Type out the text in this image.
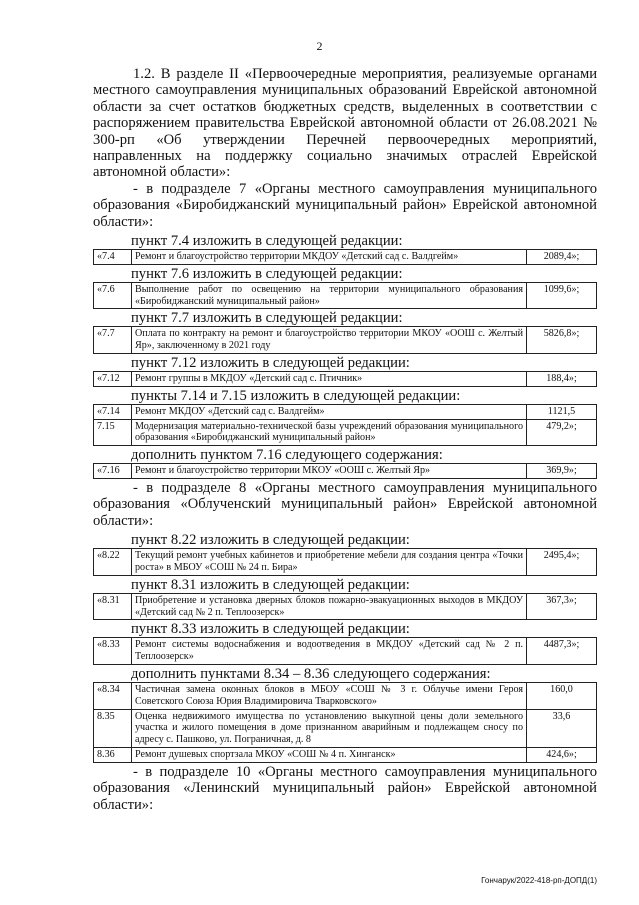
2

1.2. В разделе II «Первоочередные мероприятия, реализуемые органами местного самоуправления муниципальных образований Еврейской автономной области за счет остатков бюджетных средств, выделенных в соответствии с распоряжением правительства Еврейской автономной области от 26.08.2021 № 300-рп «Об утверждении Перечней первоочередных мероприятий, направленных на поддержку социально значимых отраслей Еврейской автономной области»:

- в подразделе 7 «Органы местного самоуправления муниципального образования «Биробиджанский муниципальный район» Еврейской автономной области»:

пункт 7.4 изложить в следующей редакции:

«7.4	Ремонт и благоустройство территории МКДОУ «Детский сад с. Валдгейм»	2089,4»;

пункт 7.6 изложить в следующей редакции:

«7.6	Выполнение работ по освещению на территории муниципального образования «Биробиджанский муниципальный район»	1099,6»;

пункт 7.7 изложить в следующей редакции:

«7.7	Оплата по контракту на ремонт и благоустройство территории МКОУ «ООШ с. Желтый Яр», заключенному в 2021 году	5826,8»;

пункт 7.12 изложить в следующей редакции:

«7.12	Ремонт группы в МКДОУ «Детский сад с. Птичник»	188,4»;

пункты 7.14 и 7.15 изложить в следующей редакции:

«7.14	Ремонт МКДОУ «Детский сад с. Валдгейм»	1121,5
7.15	Модернизация материально-технической базы учреждений образования муниципального образования «Биробиджанский муниципальный район»	479,2»;

дополнить пунктом 7.16 следующего содержания:

«7.16	Ремонт и благоустройство территории МКОУ «ООШ с. Желтый Яр»	369,9»;

- в подразделе 8 «Органы местного самоуправления муниципального образования «Облученский муниципальный район» Еврейской автономной области»:

пункт 8.22 изложить в следующей редакции:

«8.22	Текущий ремонт учебных кабинетов и приобретение мебели для создания центра «Точки роста» в МБОУ «СОШ № 24 п. Бира»	2495,4»;

пункт 8.31 изложить в следующей редакции:

«8.31	Приобретение и установка дверных блоков пожарно-эвакуационных выходов в МКДОУ «Детский сад № 2 п. Теплоозерск»	367,3»;

пункт 8.33 изложить в следующей редакции:

«8.33	Ремонт системы водоснабжения и водоотведения в МКДОУ «Детский сад № 2 п. Теплоозерск»	4487,3»;

дополнить пунктами 8.34 – 8.36 следующего содержания:

«8.34	Частичная замена оконных блоков в МБОУ «СОШ № 3 г. Облучье имени Героя Советского Союза Юрия Владимировича Тварковского»	160,0
8.35	Оценка недвижимого имущества по установлению выкупной цены доли земельного участка и жилого помещения в доме признанном аварийным и подлежащем сносу по адресу с. Пашково, ул. Пограничная, д. 8	33,6
8.36	Ремонт душевых спортзала МКОУ «СОШ № 4 п. Хинганск»	424,6»;

- в подразделе 10 «Органы местного самоуправления муниципального образования «Ленинский муниципальный район» Еврейской автономной области»:

Гончарук/2022-418-рп-ДОПД(1)
